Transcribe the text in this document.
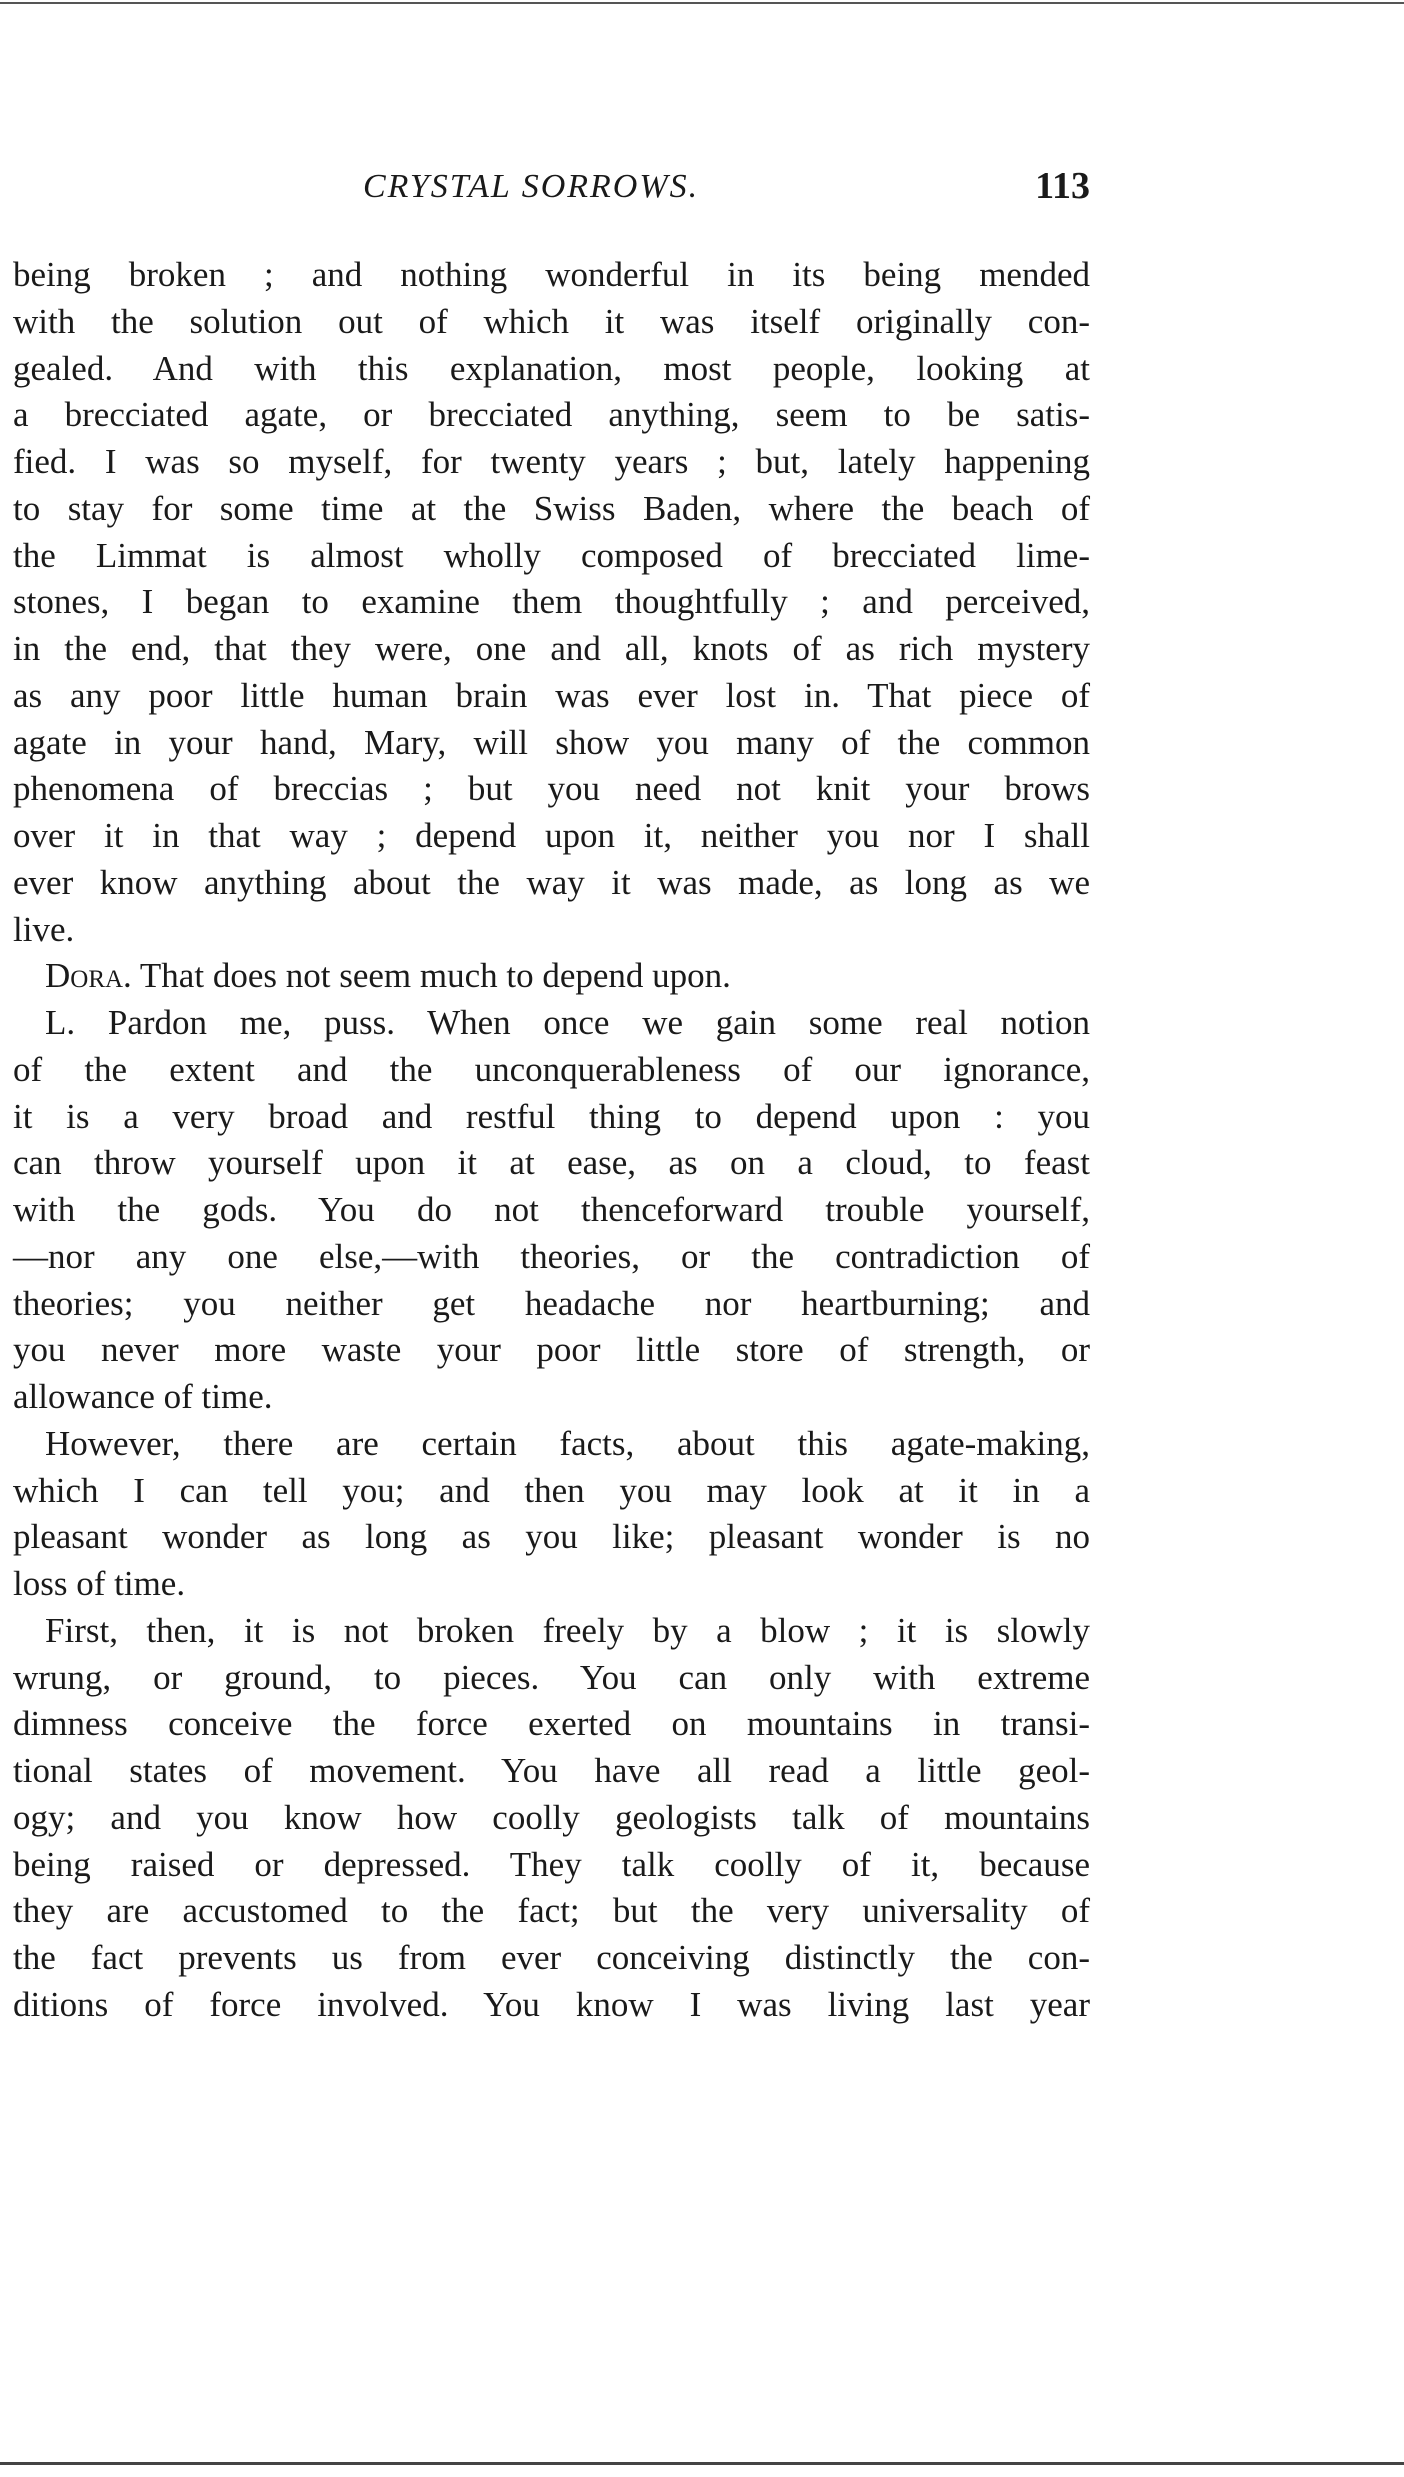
CRYSTAL SORROWS.	113
being broken ; and nothing wonderful in its being mended
with the solution out of which it was itself originally con-
gealed. And with this explanation, most people, looking at
a brecciated agate, or brecciated anything, seem to be satis-
fied. I was so myself, for twenty years ; but, lately happening
to stay for some time at the Swiss Baden, where the beach of
the Limmat is almost wholly composed of brecciated lime-
stones, I began to examine them thoughtfully ; and perceived,
in the end, that they were, one and all, knots of as rich mystery
as any poor little human brain was ever lost in. That piece of
agate in your hand, Mary, will show you many of the common
phenomena of breccias ; but you need not knit your brows
over it in that way ; depend upon it, neither you nor I shall
ever know anything about the way it was made, as long as we
live.
Dora. That does not seem much to depend upon.
L. Pardon me, puss. When once we gain some real notion
of the extent and the unconquerableness of our ignorance,
it is a very broad and restful thing to depend upon : you
can throw yourself upon it at ease, as on a cloud, to feast
with the gods. You do not thenceforward trouble yourself,
—nor any one else,—with theories, or the contradiction of
theories; you neither get headache nor heartburning; and
you never more waste your poor little store of strength, or
allowance of time.
However, there are certain facts, about this agate-making,
which I can tell you; and then you may look at it in a
pleasant wonder as long as you like; pleasant wonder is no
loss of time.
First, then, it is not broken freely by a blow ; it is slowly
wrung, or ground, to pieces. You can only with extreme
dimness conceive the force exerted on mountains in transi-
tional states of movement. You have all read a little geol-
ogy; and you know how coolly geologists talk of mountains
being raised or depressed. They talk coolly of it, because
they are accustomed to the fact; but the very universality of
the fact prevents us from ever conceiving distinctly the con-
ditions of force involved. You know I was living last year
